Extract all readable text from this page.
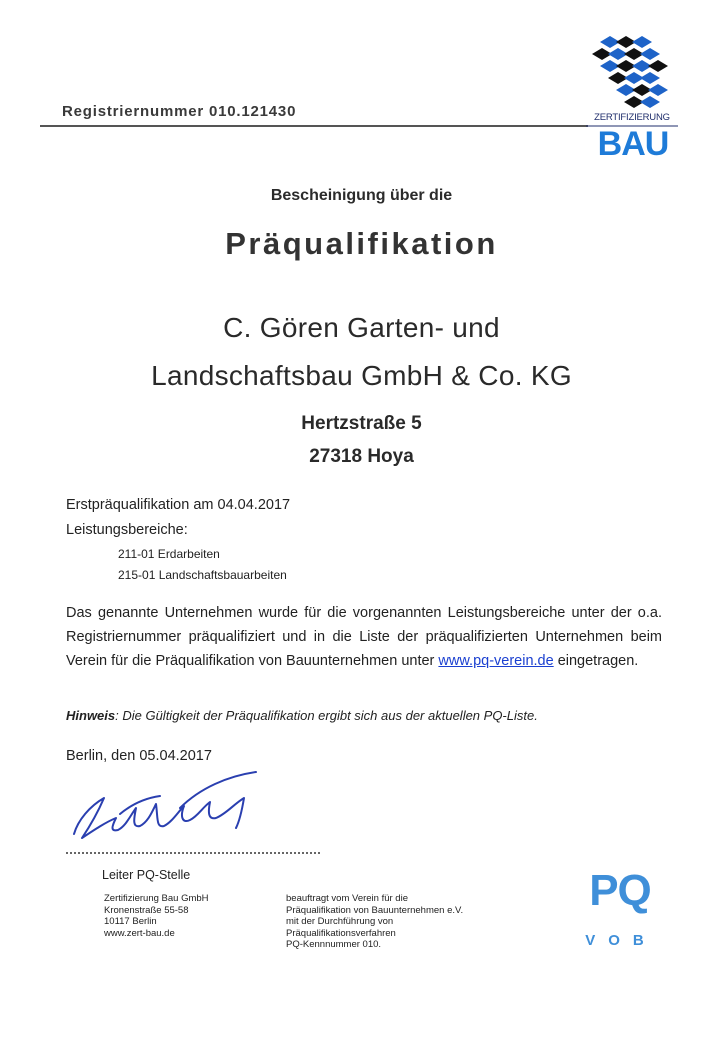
Registriernummer 010.121430	ZERTIFIZIERUNG
BAU
Bescheinigung über die
Präqualifikation
C. Gören Garten- und
Landschaftsbau GmbH & Co. KG
Hertzstraße 5
27318 Hoya
Erstpräqualifikation am 04.04.2017
Leistungsbereiche:
211-01 Erdarbeiten
215-01 Landschaftsbauarbeiten
Das genannte Unternehmen wurde für die vorgenannten Leistungsbereiche unter der o.a. Registriernummer präqualifiziert und in die Liste der präqualifizierten Unternehmen beim Verein für die Präqualifikation von Bauunternehmen unter www.pq-verein.de eingetragen.
Hinweis: Die Gültigkeit der Präqualifikation ergibt sich aus der aktuellen PQ-Liste.
Berlin, den 05.04.2017
Leiter PQ-Stelle
Zertifizierung Bau GmbH
Kronenstraße 55-58
10117 Berlin
www.zert-bau.de
beauftragt vom Verein für die
Präqualifikation von Bauunternehmen e.V.
mit der Durchführung von
Präqualifikationsverfahren
PQ-Kennnummer 010.
PQ
VOB
